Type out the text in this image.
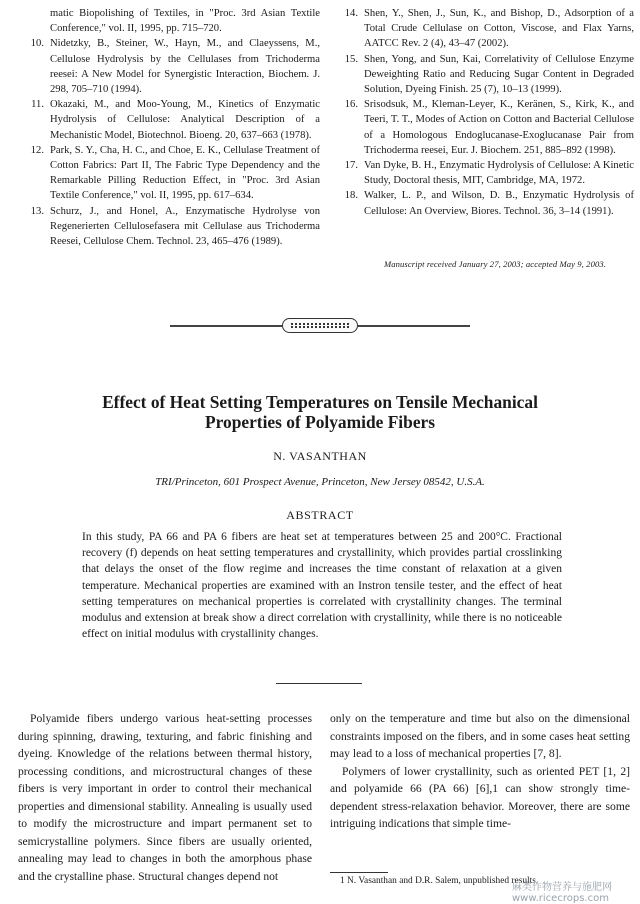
matic Biopolishing of Textiles, in "Proc. 3rd Asian Textile Conference," vol. II, 1995, pp. 715–720.
10. Nidetzky, B., Steiner, W., Hayn, M., and Claeyssens, M., Cellulose Hydrolysis by the Cellulases from Trichoderma reesei: A New Model for Synergistic Interaction, Biochem. J. 298, 705–710 (1994).
11. Okazaki, M., and Moo-Young, M., Kinetics of Enzymatic Hydrolysis of Cellulose: Analytical Description of a Mechanistic Model, Biotechnol. Bioeng. 20, 637–663 (1978).
12. Park, S. Y., Cha, H. C., and Choe, E. K., Cellulase Treatment of Cotton Fabrics: Part II, The Fabric Type Dependency and the Remarkable Pilling Reduction Effect, in "Proc. 3rd Asian Textile Conference," vol. II, 1995, pp. 617–634.
13. Schurz, J., and Honel, A., Enzymatische Hydrolyse von Regenerierten Cellulosefasera mit Cellulase aus Trichoderma Reesei, Cellulose Chem. Technol. 23, 465–476 (1989).
14. Shen, Y., Shen, J., Sun, K., and Bishop, D., Adsorption of a Total Crude Cellulase on Cotton, Viscose, and Flax Yarns, AATCC Rev. 2 (4), 43–47 (2002).
15. Shen, Yong, and Sun, Kai, Correlativity of Cellulose Enzyme Deweighting Ratio and Reducing Sugar Content in Degraded Solution, Dyeing Finish. 25 (7), 10–13 (1999).
16. Srisodsuk, M., Kleman-Leyer, K., Keränen, S., Kirk, K., and Teeri, T. T., Modes of Action on Cotton and Bacterial Cellulose of a Homologous Endoglucanase-Exoglucanase Pair from Trichoderma reesei, Eur. J. Biochem. 251, 885–892 (1998).
17. Van Dyke, B. H., Enzymatic Hydrolysis of Cellulose: A Kinetic Study, Doctoral thesis, MIT, Cambridge, MA, 1972.
18. Walker, L. P., and Wilson, D. B., Enzymatic Hydrolysis of Cellulose: An Overview, Biores. Technol. 36, 3–14 (1991).
Manuscript received January 27, 2003; accepted May 9, 2003.
Effect of Heat Setting Temperatures on Tensile Mechanical
Properties of Polyamide Fibers
N. VASANTHAN
TRI/Princeton, 601 Prospect Avenue, Princeton, New Jersey 08542, U.S.A.
ABSTRACT
In this study, PA 66 and PA 6 fibers are heat set at temperatures between 25 and 200°C. Fractional recovery (f) depends on heat setting temperatures and crystallinity, which provides partial crosslinking that delays the onset of the flow regime and increases the time constant of relaxation at a given temperature. Mechanical properties are examined with an Instron tensile tester, and the effect of heat setting temperatures on mechanical properties is correlated with crystallinity changes. The terminal modulus and extension at break show a direct correlation with crystallinity, while there is no noticeable effect on initial modulus with crystallinity changes.

Polyamide fibers undergo various heat-setting processes during spinning, drawing, texturing, and fabric finishing and dyeing. Knowledge of the relations between thermal history, processing conditions, and microstructural changes of these fibers is very important in order to control their mechanical properties and dimensional stability. Annealing is usually used to modify the microstructure and impart permanent set to semicrystalline polymers. Since fibers are usually oriented, annealing may lead to changes in both the amorphous phase and the crystalline phase. Structural changes depend not

only on the temperature and time but also on the dimensional constraints imposed on the fibers, and in some cases heat setting may lead to a loss of mechanical properties [7, 8].

Polymers of lower crystallinity, such as oriented PET [1, 2] and polyamide 66 (PA 66) [6],1 can show strongly time-dependent stress-relaxation behavior. Moreover, there are some intriguing indications that simple time-

1 N. Vasanthan and D.R. Salem, unpublished results.
麻类作物营养与施肥网 www.ricecrops.com
